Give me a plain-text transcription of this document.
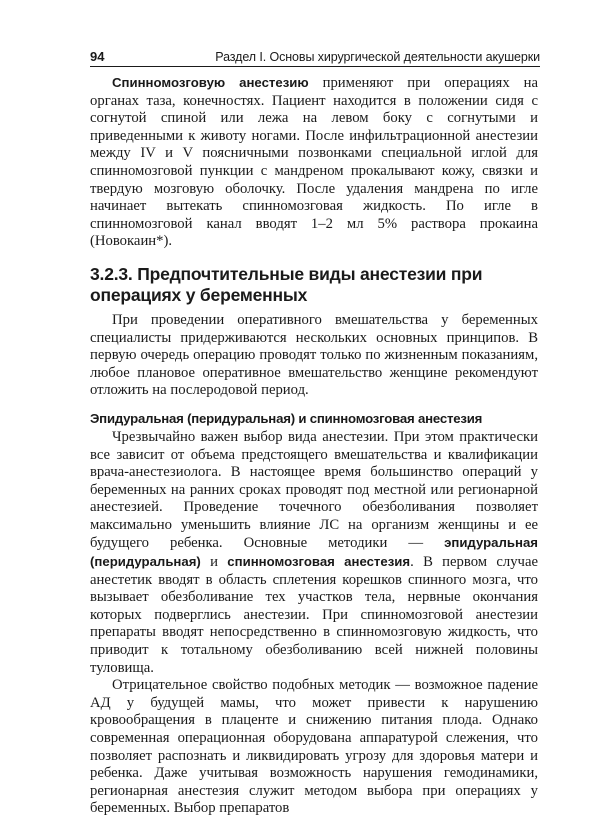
94	Раздел I. Основы хирургической деятельности акушерки

Спинномозговую анестезию применяют при операциях на органах таза, конечностях. Пациент находится в положении сидя с согнутой спиной или лежа на левом боку с согнутыми и приведенными к животу ногами. После инфильтрационной анестезии между IV и V поясничными позвонками специальной иглой для спинномозговой пункции с мандреном прокалывают кожу, связки и твердую мозговую оболочку. После удаления мандрена по игле начинает вытекать спинномозговая жидкость. По игле в спинномозговой канал вводят 1–2 мл 5% раствора прокаина (Новокаин*).

3.2.3. Предпочтительные виды анестезии при операциях у беременных

При проведении оперативного вмешательства у беременных специалисты придерживаются нескольких основных принципов. В первую очередь операцию проводят только по жизненным показаниям, любое плановое оперативное вмешательство женщине рекомендуют отложить на послеродовой период.

Эпидуральная (перидуральная) и спинномозговая анестезия

Чрезвычайно важен выбор вида анестезии. При этом практически все зависит от объема предстоящего вмешательства и квалификации врача-анестезиолога. В настоящее время большинство операций у беременных на ранних сроках проводят под местной или регионарной анестезией. Проведение точечного обезболивания позволяет максимально уменьшить влияние ЛС на организм женщины и ее будущего ребенка. Основные методики — эпидуральная (перидуральная) и спинномозговая анестезия. В первом случае анестетик вводят в область сплетения корешков спинного мозга, что вызывает обезболивание тех участков тела, нервные окончания которых подверглись анестезии. При спинномозговой анестезии препараты вводят непосредственно в спинномозговую жидкость, что приводит к тотальному обезболиванию всей нижней половины туловища.

Отрицательное свойство подобных методик — возможное падение АД у будущей мамы, что может привести к нарушению кровообращения в плаценте и снижению питания плода. Однако современная операционная оборудована аппаратурой слежения, что позволяет распознать и ликвидировать угрозу для здоровья матери и ребенка. Даже учитывая возможность нарушения гемодинамики, регионарная анестезия служит методом выбора при операциях у беременных. Выбор препаратов
